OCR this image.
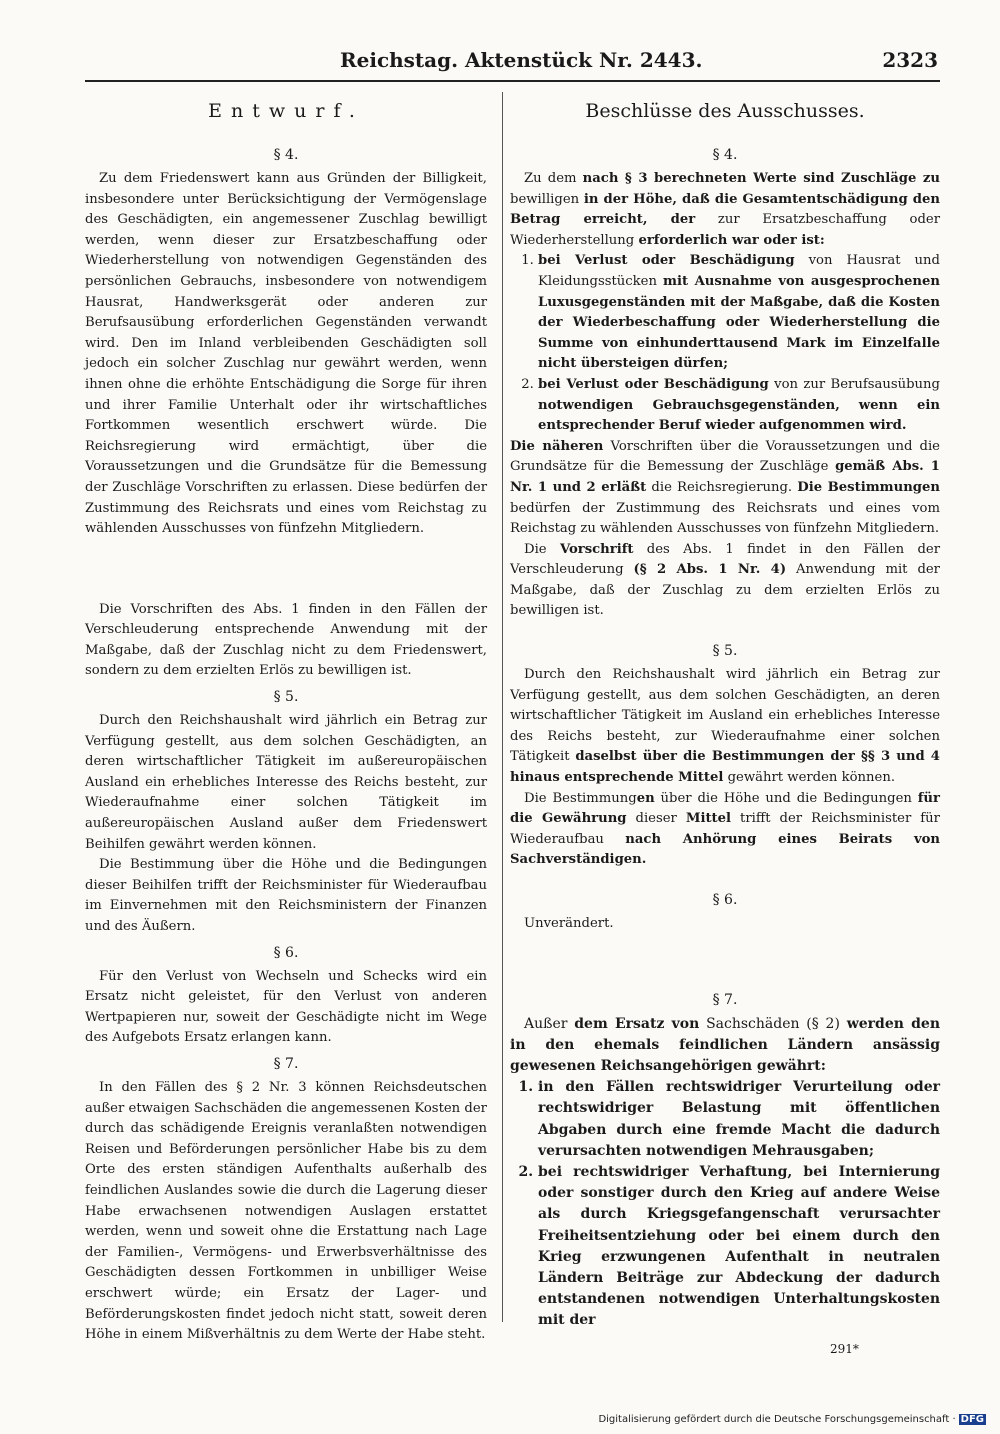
Reichstag. Aktenstück Nr. 2443.	2323
Entwurf.
§ 4.

Zu dem Friedenswert kann aus Gründen der Billigkeit, insbesondere unter Berücksichtigung der Vermögenslage des Geschädigten, ein angemessener Zuschlag bewilligt werden, wenn dieser zur Ersatzbeschaffung oder Wiederherstellung von notwendigen Gegenständen des persönlichen Gebrauchs, insbesondere von notwendigem Hausrat, Handwerksgerät oder anderen zur Berufsausübung erforderlichen Gegenständen verwandt wird. Den im Inland verbleibenden Geschädigten soll jedoch ein solcher Zuschlag nur gewährt werden, wenn ihnen ohne die erhöhte Entschädigung die Sorge für ihren und ihrer Familie Unterhalt oder ihr wirtschaftliches Fortkommen wesentlich erschwert würde. Die Reichsregierung wird ermächtigt, über die Voraussetzungen und die Grundsätze für die Bemessung der Zuschläge Vorschriften zu erlassen. Diese bedürfen der Zustimmung des Reichsrats und eines vom Reichstag zu wählenden Ausschusses von fünfzehn Mitgliedern.

Die Vorschriften des Abs. 1 finden in den Fällen der Verschleuderung entsprechende Anwendung mit der Maßgabe, daß der Zuschlag nicht zu dem Friedenswert, sondern zu dem erzielten Erlös zu bewilligen ist.

§ 5.

Durch den Reichshaushalt wird jährlich ein Betrag zur Verfügung gestellt, aus dem solchen Geschädigten, an deren wirtschaftlicher Tätigkeit im außereuropäischen Ausland ein erhebliches Interesse des Reichs besteht, zur Wiederaufnahme einer solchen Tätigkeit im außereuropäischen Ausland außer dem Friedenswert Beihilfen gewährt werden können.

Die Bestimmung über die Höhe und die Bedingungen dieser Beihilfen trifft der Reichsminister für Wiederaufbau im Einvernehmen mit den Reichsministern der Finanzen und des Äußern.

§ 6.

Für den Verlust von Wechseln und Schecks wird ein Ersatz nicht geleistet, für den Verlust von anderen Wertpapieren nur, soweit der Geschädigte nicht im Wege des Aufgebots Ersatz erlangen kann.

§ 7.

In den Fällen des § 2 Nr. 3 können Reichsdeutschen außer etwaigen Sachschäden die angemessenen Kosten der durch das schädigende Ereignis veranlaßten notwendigen Reisen und Beförderungen persönlicher Habe bis zu dem Orte des ersten ständigen Aufenthalts außerhalb des feindlichen Auslandes sowie die durch die Lagerung dieser Habe erwachsenen notwendigen Auslagen erstattet werden, wenn und soweit ohne die Erstattung nach Lage der Familien-, Vermögens- und Erwerbsverhältnisse des Geschädigten dessen Fortkommen in unbilliger Weise erschwert würde; ein Ersatz der Lager- und Beförderungskosten findet jedoch nicht statt, soweit deren Höhe in einem Mißverhältnis zu dem Werte der Habe steht.

Beschlüsse des Ausschusses.
§ 4.

Zu dem nach § 3 berechneten Werte sind Zuschläge zu bewilligen in der Höhe, daß die Gesamtentschädigung den Betrag erreicht, der zur Ersatzbeschaffung oder Wiederherstellung erforderlich war oder ist:

1. bei Verlust oder Beschädigung von Hausrat und Kleidungsstücken mit Ausnahme von ausgesprochenen Luxusgegenständen mit der Maßgabe, daß die Kosten der Wiederbeschaffung oder Wiederherstellung die Summe von einhunderttausend Mark im Einzelfalle nicht übersteigen dürfen;
2. bei Verlust oder Beschädigung von zur Berufsausübung notwendigen Gebrauchsgegenständen, wenn ein entsprechender Beruf wieder aufgenommen wird.

Die näheren Vorschriften über die Voraussetzungen und die Grundsätze für die Bemessung der Zuschläge gemäß Abs. 1 Nr. 1 und 2 erläßt die Reichsregierung. Die Bestimmungen bedürfen der Zustimmung des Reichsrats und eines vom Reichstag zu wählenden Ausschusses von fünfzehn Mitgliedern.

Die Vorschrift des Abs. 1 findet in den Fällen der Verschleuderung (§ 2 Abs. 1 Nr. 4) Anwendung mit der Maßgabe, daß der Zuschlag zu dem erzielten Erlös zu bewilligen ist.

§ 5.

Durch den Reichshaushalt wird jährlich ein Betrag zur Verfügung gestellt, aus dem solchen Geschädigten, an deren wirtschaftlicher Tätigkeit im Ausland ein erhebliches Interesse des Reichs besteht, zur Wiederaufnahme einer solchen Tätigkeit daselbst über die Bestimmungen der §§ 3 und 4 hinaus entsprechende Mittel gewährt werden können.

Die Bestimmungen über die Höhe und die Bedingungen für die Gewährung dieser Mittel trifft der Reichsminister für Wiederaufbau nach Anhörung eines Beirats von Sachverständigen.

§ 6.

Unverändert.

§ 7.

Außer dem Ersatz von Sachschäden (§ 2) werden den in den ehemals feindlichen Ländern ansässig gewesenen Reichsangehörigen gewährt:

1. in den Fällen rechtswidriger Verurteilung oder rechtswidriger Belastung mit öffentlichen Abgaben durch eine fremde Macht die dadurch verursachten notwendigen Mehrausgaben;
2. bei rechtswidriger Verhaftung, bei Internierung oder sonstiger durch den Krieg auf andere Weise als durch Kriegsgefangenschaft verursachter Freiheitsentziehung oder bei einem durch den Krieg erzwungenen Aufenthalt in neutralen Ländern Beiträge zur Abdeckung der dadurch entstandenen notwendigen Unterhaltungskosten mit der
291*
Digitalisierung gefördert durch die Deutsche Forschungsgemeinschaft · DFG
